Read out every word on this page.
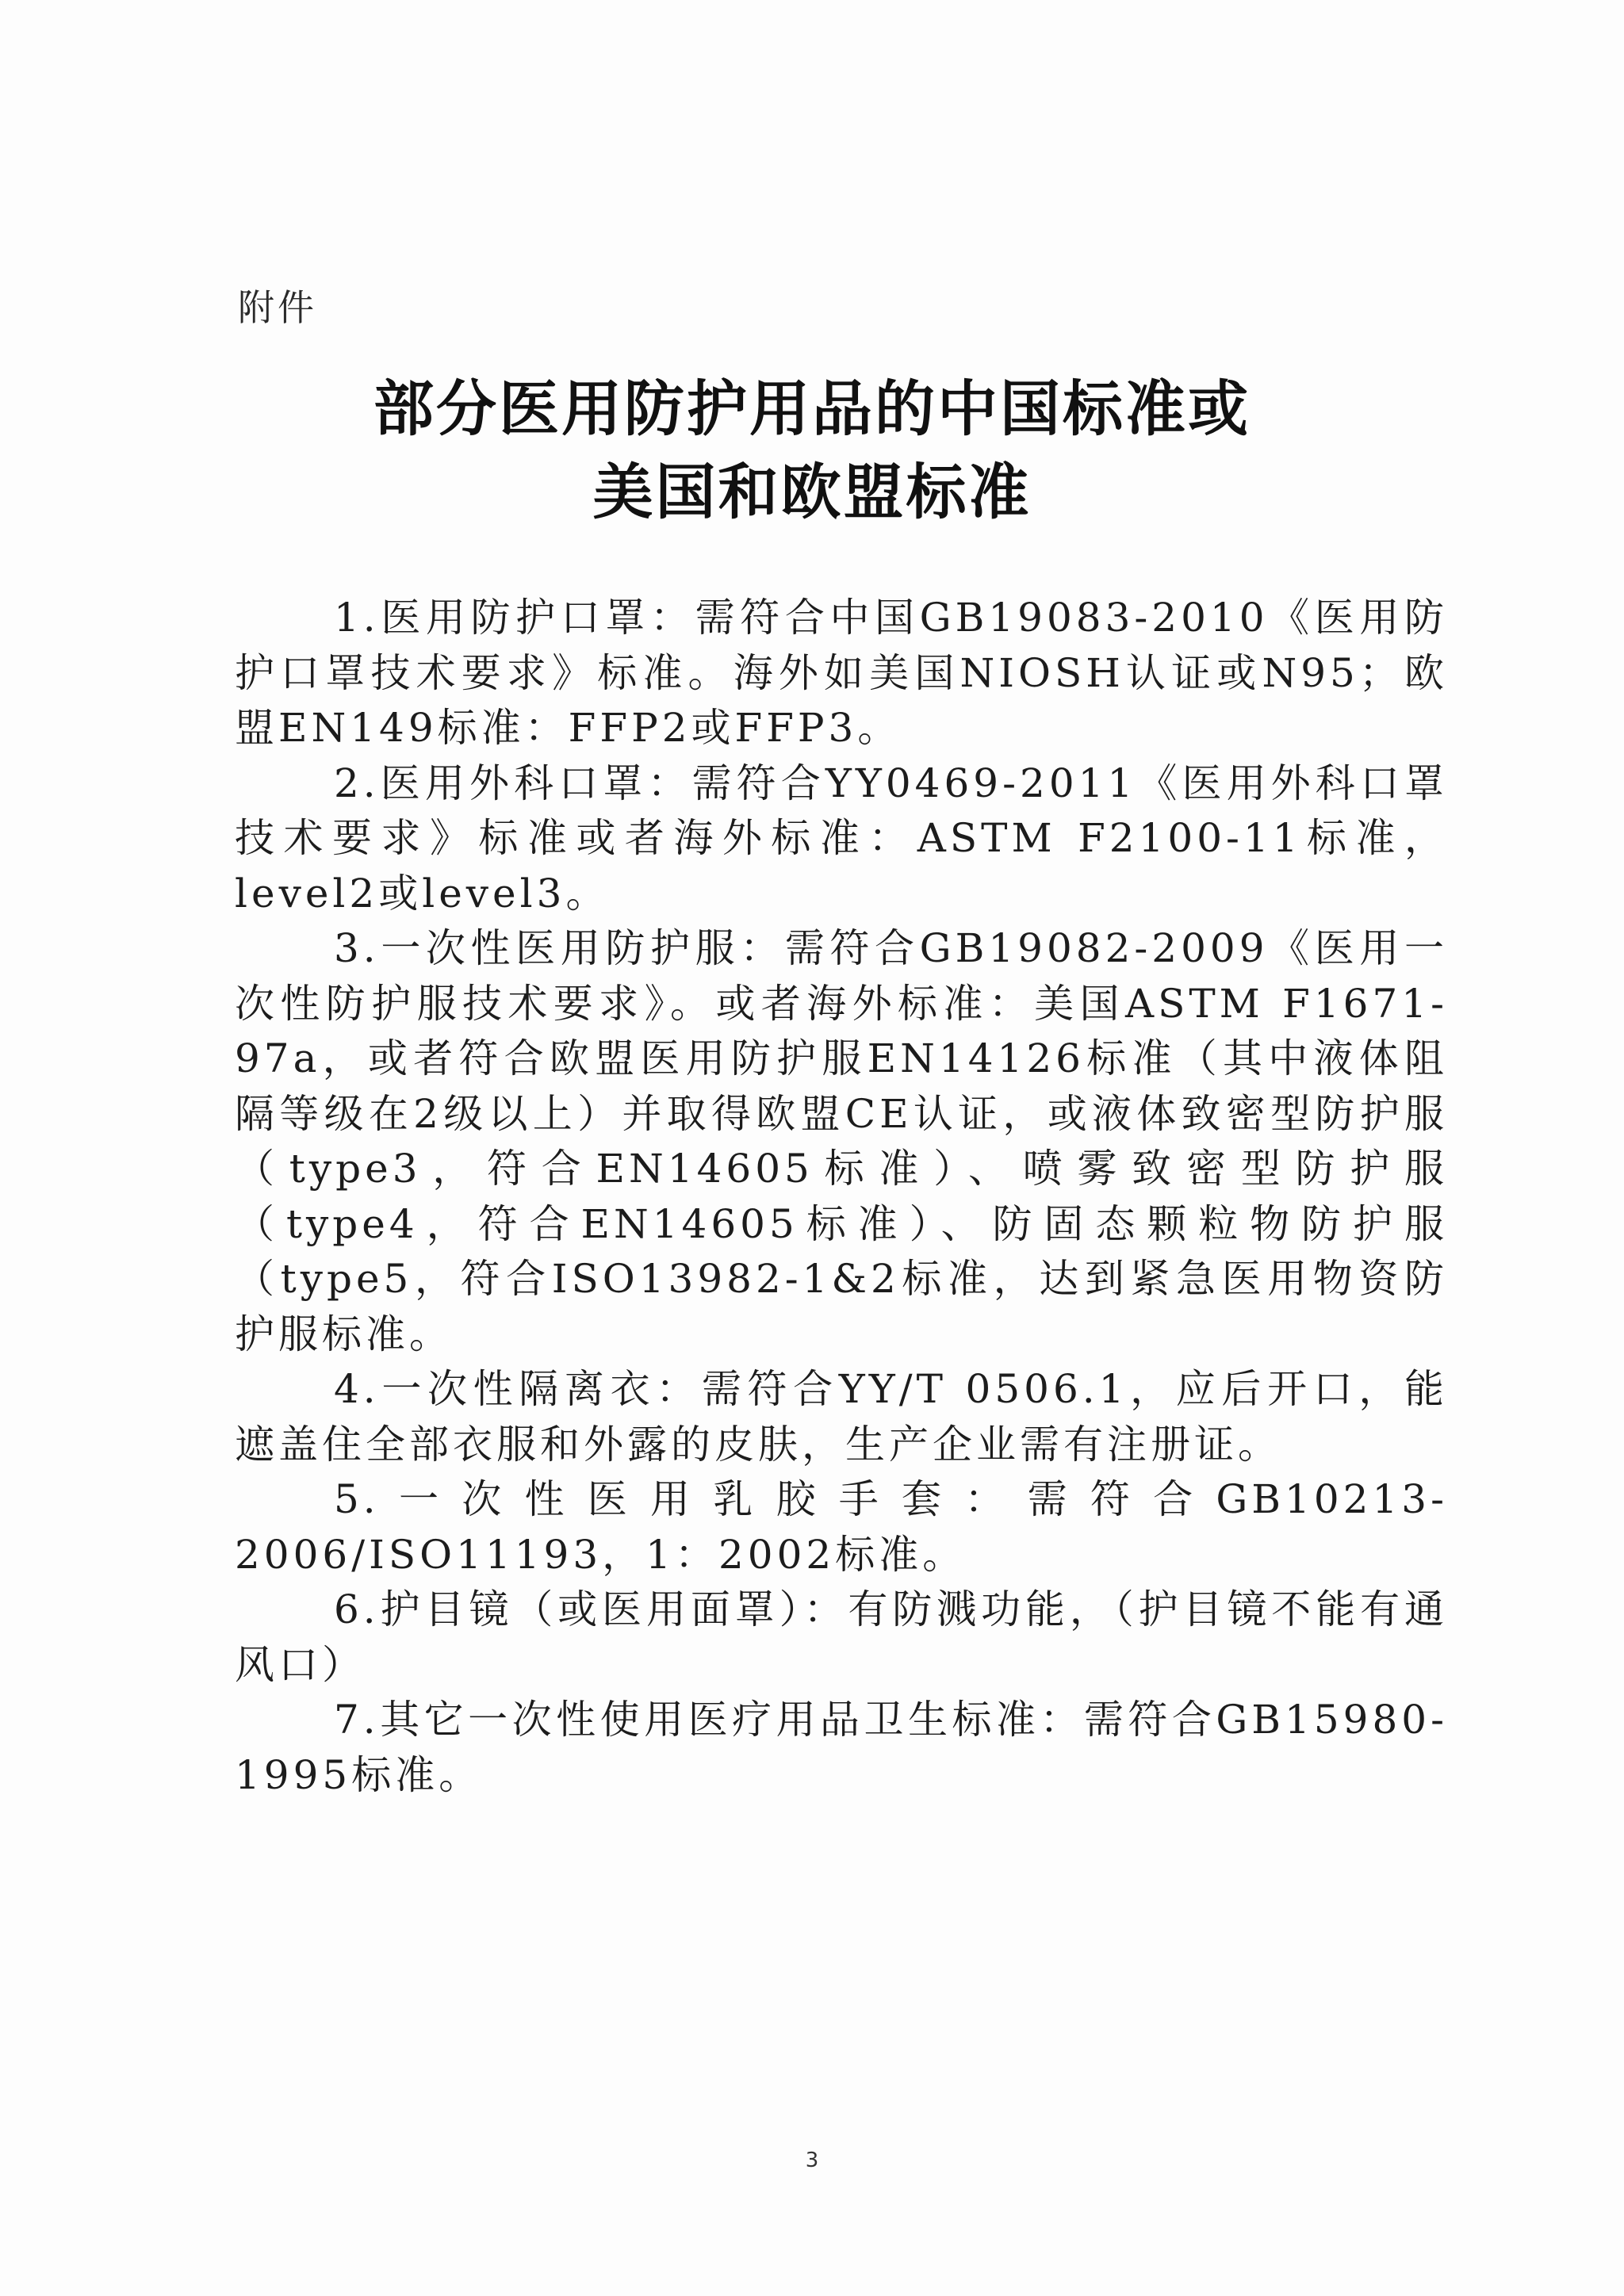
附件
部分医用防护用品的中国标准或
美国和欧盟标准

1.医用防护口罩：需符合中国GB19083-2010《医用防护口罩技术要求》标准。海外如美国NIOSH认证或N95；欧盟EN149标准：FFP2或FFP3。

2.医用外科口罩：需符合YY0469-2011《医用外科口罩技术要求》标准或者海外标准：ASTM F2100-11标准，level2或level3。

3.一次性医用防护服：需符合GB19082-2009《医用一次性防护服技术要求》。或者海外标准：美国ASTM F1671-97a，或者符合欧盟医用防护服EN14126标准（其中液体阻隔等级在2级以上）并取得欧盟CE认证，或液体致密型防护服（type3，符合EN14605标准）、喷雾致密型防护服（type4，符合EN14605标准）、防固态颗粒物防护服（type5，符合ISO13982-1&2标准，达到紧急医用物资防护服标准。

4.一次性隔离衣：需符合YY/T 0506.1，应后开口，能遮盖住全部衣服和外露的皮肤，生产企业需有注册证。

5.一次性医用乳胶手套：需符合GB10213-2006/ISO11193，1：2002标准。

6.护目镜（或医用面罩）：有防溅功能，（护目镜不能有通风口）

7.其它一次性使用医疗用品卫生标准：需符合GB15980-1995标准。

3
